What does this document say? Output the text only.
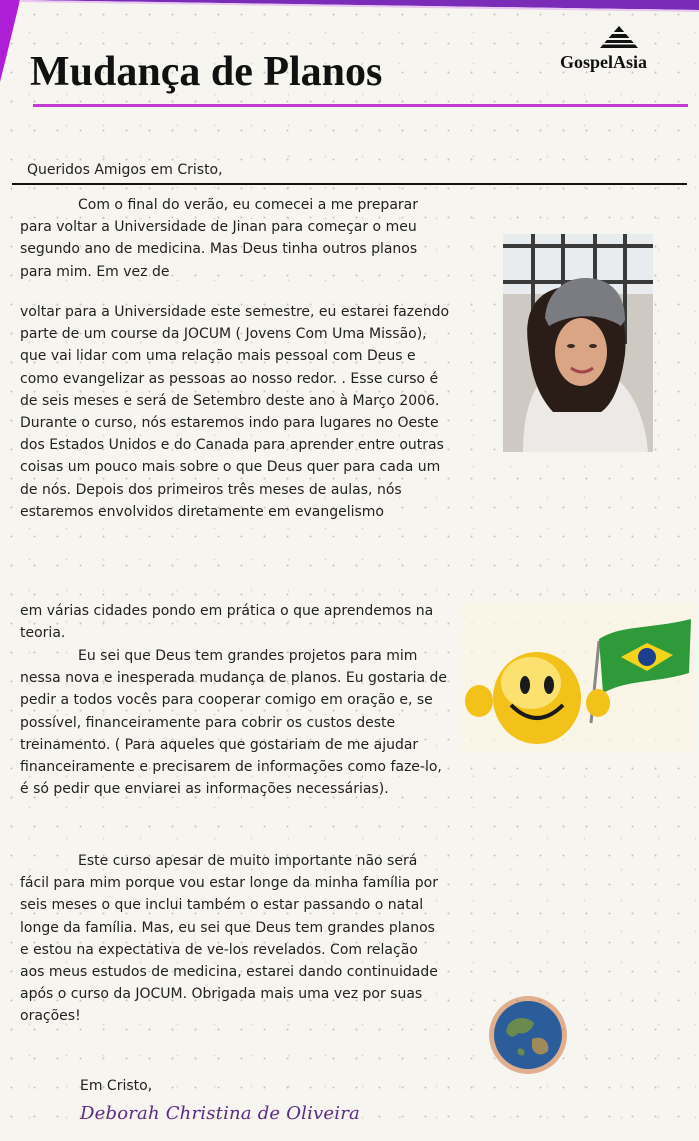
Mudança de Planos	GospelAsia

Queridos Amigos em Cristo,

Com o final do verão, eu comecei a me preparar para voltar a Universidade de Jinan para começar o meu segundo ano de medicina. Mas Deus tinha outros planos para mim. Em vez de

voltar para a Universidade este semestre, eu estarei fazendo parte de um course da JOCUM ( Jovens Com Uma Missão), que vai lidar com uma relação mais pessoal com Deus e como evangelizar as pessoas ao nosso redor. . Esse curso é de seis meses e será de Setembro deste ano à Março 2006. Durante o curso, nós estaremos indo para lugares no Oeste dos Estados Unidos e do Canada para aprender entre outras coisas um pouco mais sobre o que Deus quer para cada um de nós. Depois dos primeiros três meses de aulas, nós estaremos envolvidos diretamente em evangelismo

em várias cidades pondo em prática o que aprendemos na teoria.

Eu sei que Deus tem grandes projetos para mim nessa nova e inesperada mudança de planos. Eu gostaria de pedir a todos vocês para cooperar comigo em oração e, se possível, financeiramente para cobrir os custos deste treinamento. ( Para aqueles que gostariam de me ajudar financeiramente e precisarem de informações como faze-lo, é só pedir que enviarei as informações necessárias).

Este curso apesar de muito importante não será fácil para mim porque vou estar longe da minha família por seis meses o que inclui também o estar passando o natal longe da família. Mas, eu sei que Deus tem grandes planos e estou na expectativa de ve-los revelados. Com relação aos meus estudos de medicina, estarei dando continuidade após o curso da JOCUM. Obrigada mais uma vez por suas orações!

Em Cristo,

Deborah Christina de Oliveira
